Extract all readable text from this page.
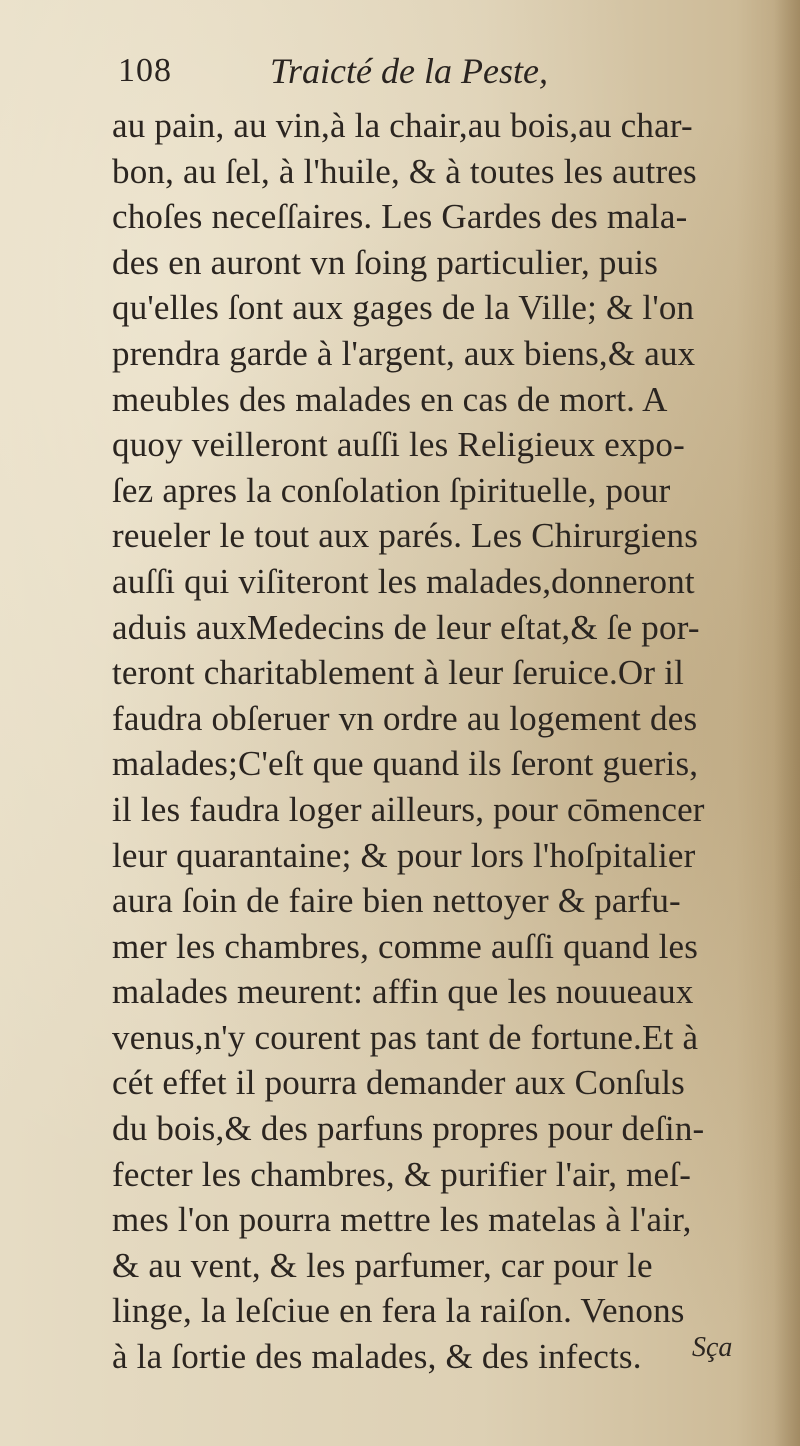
108	Traicté de la Peste,
au pain, au vin,à la chair,au bois,au char-
bon, au ſel, à l'huile, & à toutes les autres
choſes neceſſaires. Les Gardes des mala-
des en auront vn ſoing particulier, puis
qu'elles ſont aux gages de la Ville; & l'on
prendra garde à l'argent, aux biens,& aux
meubles des malades en cas de mort. A
quoy veilleront auſſi les Religieux expo-
ſez apres la conſolation ſpirituelle, pour
reueler le tout aux parés. Les Chirurgiens
auſſi qui viſiteront les malades,donneront
aduis auxMedecins de leur eſtat,& ſe por-
teront charitablement à leur ſeruice.Or il
faudra obſeruer vn ordre au logement des
malades;C'eſt que quand ils ſeront gueris,
il les faudra loger ailleurs, pour cōmencer
leur quarantaine; & pour lors l'hoſpitalier
aura ſoin de faire bien nettoyer & parfu-
mer les chambres, comme auſſi quand les
malades meurent: affin que les nouueaux
venus,n'y courent pas tant de fortune.Et à
cét effet il pourra demander aux Conſuls
du bois,& des parfuns propres pour deſin-
fecter les chambres, & purifier l'air, meſ-
mes l'on pourra mettre les matelas à l'air,
& au vent, & les parfumer, car pour le
linge, la leſciue en fera la raiſon. Venons
à la ſortie des malades, & des infects.	Sça
